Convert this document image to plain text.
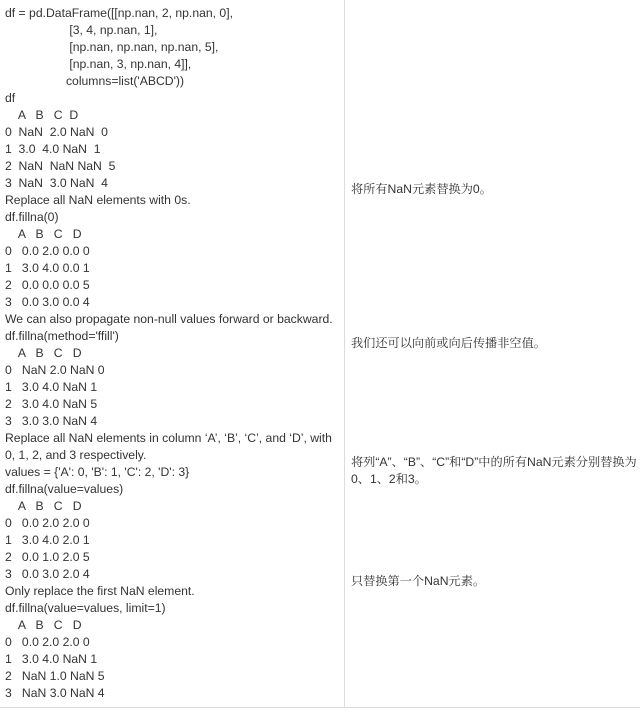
df = pd.DataFrame([[np.nan, 2, np.nan, 0],
[3, 4, np.nan, 1],
[np.nan, np.nan, np.nan, 5],
[np.nan, 3, np.nan, 4]],
columns=list('ABCD'))
df
A   B   C  D
0  NaN  2.0 NaN  0
1  3.0  4.0 NaN  1
2  NaN  NaN NaN  5
3  NaN  3.0 NaN  4
Replace all NaN elements with 0s.
df.fillna(0)
A   B   C   D
0   0.0 2.0 0.0 0
1   3.0 4.0 0.0 1
2   0.0 0.0 0.0 5
3   0.0 3.0 0.0 4
We can also propagate non-null values forward or backward.
df.fillna(method='ffill')
A   B   C   D
0   NaN 2.0 NaN 0
1   3.0 4.0 NaN 1
2   3.0 4.0 NaN 5
3   3.0 3.0 NaN 4
Replace all NaN elements in column ‘A’, ‘B’, ‘C’, and ‘D’, with
0, 1, 2, and 3 respectively.
values = {'A': 0, 'B': 1, 'C': 2, 'D': 3}
df.fillna(value=values)
A   B   C   D
0   0.0 2.0 2.0 0
1   3.0 4.0 2.0 1
2   0.0 1.0 2.0 5
3   0.0 3.0 2.0 4
Only replace the first NaN element.
df.fillna(value=values, limit=1)
A   B   C   D
0   0.0 2.0 2.0 0
1   3.0 4.0 NaN 1
2   NaN 1.0 NaN 5
3   NaN 3.0 NaN 4
将所有NaN元素替换为0。
我们还可以向前或向后传播非空值。
将列“A”、“B”、“C”和“D”中的所有NaN元素分别替换为0、1、2和3。
只替换第一个NaN元素。
